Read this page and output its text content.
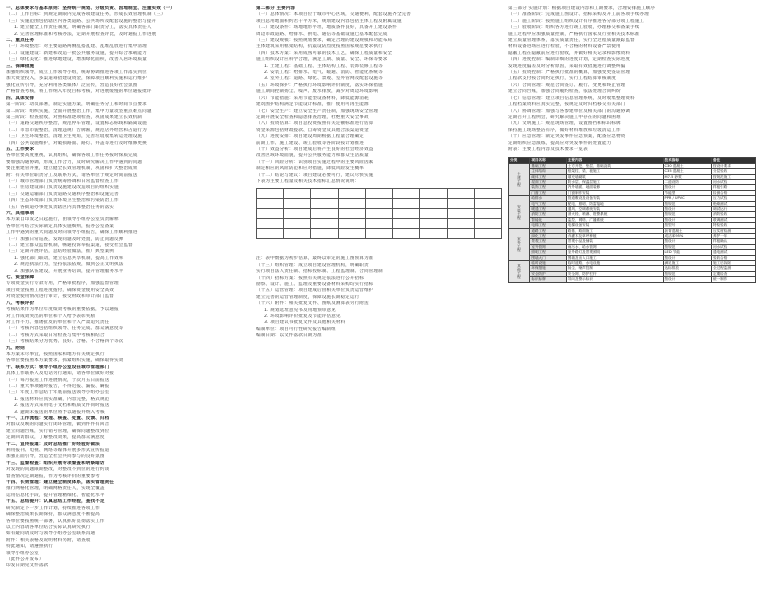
一、总体要求与基本原则：坚持统一规划、分级负责、因地制宜、注重实效（一）
（二）工作目标：到规定期限内完成各项建设任务，形成长效管理机制（三）
（三）实施范围包括辖区内各类道路、公共场所及配套设施的整治与提升
1. 建立健全工作责任制度，明确各部门职责分工，落实具体责任人
2. 完善管理标准和考核办法，定期开展检查评比，及时通报工作进展
二、重点任务
（一）环境整治：对主要道路两侧乱搭乱建、乱堆乱放进行集中清理
（二）设施建设：新建和改造一批公共服务设施，提升综合承载能力
（三）绿化美化：推进绿地建设，增加绿化面积，改善人居环境质量
三、保障措施
加强组织领导，成立工作领导小组，统筹协调推进各项工作落实到位
加大资金投入，多渠道筹措建设资金，保障项目顺利实施和运行维护
强化宣传引导，充分利用各类媒体广泛宣传，营造良好社会氛围
严格督查考核，将工作纳入年度目标考核，对进展缓慢的单位通报批评
四、具体安排
第一阶段：动员部署，制定实施方案，明确任务分工和时间节点要求
第二阶段：组织实施，全面开展整治工作，集中力量攻坚重点难点问题
第三阶段：检查验收，对照标准逐项检查，巩固成果建立长效机制
（一）道路交通秩序整治，规范停车管理，设置标志标线和隔离设施
（二）市容市貌整治，清理违规广告牌匾，规范店外经营和占道行为
（三）卫生环境整治，清理卫生死角，完善垃圾收集转运处理设施
（四）公共设施维护，对破损路面、路灯、井盖等进行及时维修更换
五、工作要求
各单位要高度重视，认真组织，确保各项工作任务按时保质完成
要加强沟通协调，形成工作合力，及时研究解决工作中遇到的问题
要注重建管并重，建立健全长效管理机制，巩固和扩大整治成果
附：有关单位职责分工及联系方式，请各单位于规定时间前报送
（一）城市管理部门负责统筹协调和日常监督检查工作
（二）住房建设部门负责设施建设改造项目的组织实施
（三）交通运输部门负责道路交通秩序整治和设施完善
（四）生态环境部门负责环境卫生整治和污染防治工作
（五）各街道办事处负责辖区内具体整治任务的落实
六、其他事项
本方案自印发之日起施行，由领导小组办公室负责解释
各单位可结合实际制定具体实施细则，报办公室备案
工作中遇到的重大问题及时向领导小组报告，确保工作顺利推进
（一）加强日常巡查，发现问题及时处置，防止问题反弹
（二）建立群众监督机制，畅通投诉举报渠道，接受社会监督
（三）定期开展评估，总结经验做法，推广典型案例
1. 强化部门联动，建立信息共享机制，提高工作效率
2. 规范执法行为，坚持依法依规，做到公正文明执法
3. 加强队伍建设，开展业务培训，提升管理服务水平
七、资金保障
专项资金实行专款专用，严格审批程序，加强监督管理
项目资金按照工程进度拨付，确保资金使用安全高效
对资金使用情况进行审计，接受财政和审计部门监督
八、考核评价
考核结果作为单位年度绩效考核的重要依据，予以通报
对工作成效突出的单位和个人给予表彰奖励
对工作不力、推诿扯皮的单位和个人严肃追究责任
（一）考核内容包括组织领导、任务完成、群众满意度等
（二）考核方式采取日常检查与集中考核相结合
（三）考核结果分为优秀、良好、合格、不合格四个等次
九、附则
本方案未尽事宜，按照国家和地方有关规定执行
各单位要按照本方案要求，抓紧组织实施，确保取得实效
十、联系方式：领导小组办公室设在城市管理部门
具体工作联系人及电话另行通知，请各单位做好对接
（一）每月报送工作进展情况，于次月五日前报送
（二）重大事项随时报告，不得迟报、漏报、瞒报
（三）年度工作总结于年底前报送领导小组办公室
1. 报送材料应真实准确，内容完整，格式规范
2. 报送方式采用电子文档和纸质文件同时报送
3. 逾期未报送的单位将予以通报并纳入考核
十一、工作流程：受理、核查、处置、反馈、归档
对群众反映的问题实行闭环管理，做到件件有回音
建立问题台账，实行销号管理，确保问题整改到位
定期回访群众，了解整改效果，提高群众满意度
十二、宣传报道：及时总结推广好经验好做法
利用报刊、电视、网络等媒体开展多形式宣传报道
加强正面引导，营造全社会共同参与的良好氛围
十三、监督检查：组织开展专项督查和明察暗访
对发现的问题限期整改，对整改不到位的进行约谈
督查情况定期通报，作为考核评价的重要参考
十四、长效管理：建立健全制度体系，落实管理责任
推行网格化管理，明确网格责任人，实现全覆盖
运用信息化手段，提升管理精细化、智能化水平
十五、总结提升：认真总结工作经验，查找不足
研究制定下一步工作计划，持续推进各项工作
确保整治成果长期保持，群众满意度不断提高
各单位要按照统一部署，认真抓好贯彻落实工作
以上内容请各单位结合实际认真研究执行
如有疑问请及时与领导小组办公室联系沟通
附件：相关表格及说明材料另附，请查收
特此通知，请遵照执行
领导小组办公室
（此件公开发布）
印发日期见文件落款
第二部分 主要内容
（一）总体情况：本项目位于城市中心区域，交通便利，配套设施齐全完善
项目总用地面积约若干平方米，规划建设内容包括主体工程及附属设施
（二）建设条件：场地地形平坦，地质条件良好，具备开工建设条件
周边市政道路、给排水、供电、通信等基础设施已基本配套完成
（三）建设规模：按照规划要求，确定合理的建设规模和功能布局
主体建筑采用框架结构，抗震设防烈度按照国家规范要求执行
（四）技术方案：采用成熟可靠的技术工艺，确保工程质量和安全
施工组织设计应科学合理，满足工期、质量、安全、环保等要求
1. 土建工程：基础工程、主体结构工程、装饰装修工程等
2. 安装工程：给排水、电气、暖通、消防、智能化系统等
3. 室外工程：道路、绿化、景观、室外管网及配套设施等
（五）环境保护：严格执行环境影响评价制度，落实环保措施
施工期间控制扬尘、噪声、废水排放，减少对周边环境影响
（六）节能措施：采用节能型设备材料，降低能源消耗
建筑围护结构满足节能设计标准，推广使用可再生能源
（七）安全生产：建立安全生产责任制，加强现场安全管理
定期开展安全检查和隐患排查治理，杜绝重大安全事故
（八）投资估算：项目总投资按照有关定额标准进行估算
资金来源包括财政拨款、自筹资金及其他合法渠道资金
（九）进度安排：项目建设周期根据工程量合理确定
前期工作、施工建设、竣工验收等各阶段按计划推进
（十）效益分析：项目建成后将产生良好的社会经济效益
改善区域环境面貌，提升公共服务能力和群众生活质量
（十一）风险分析：识别项目实施过程中的主要风险因素
制定相应的风险防范和应对措施，降低风险发生概率
（十二）结论与建议：项目建设必要可行，建议尽快实施
下表为主要工程量及相关技术指标汇总情况说明：

注：表中数据为初步估算，最终以审定的施工图预算为准
（十三）组织管理：成立项目建设管理机构，明确职责
实行项目法人责任制、招标投标制、工程监理制、合同管理制
（十四）招标方案：按照有关规定依法进行公开招标
勘察、设计、施工、监理及重要设备材料采购均实行招标
（十五）运营管理：项目建成后由相关单位负责运营维护
建立完善的运营管理制度，保障设施长期稳定运行
（十六）附件：相关批复文件、图纸及测算表另行附送
1. 规划选址意见书及用地预审意见
2. 环境影响评价批复及节能评估意见
3. 项目建议书批复文件及其他相关材料
编制单位：项目可行性研究报告编制组
编制日期：以文件落款日期为准
第三部分 实施计划：根据项目建设内容和工期要求，合理安排施工顺序
（一）准备阶段：完成施工图设计、招标采购及开工前各项手续办理
（二）施工阶段：按照施工组织设计有序推进各分部分项工程施工
（三）验收阶段：组织各方进行竣工验收，办理移交和备案手续
施工过程中应加强质量控制，严格执行国家及行业相关技术标准
建立质量管理体系，落实质量责任，实行全过程质量跟踪监督
材料设备进场应进行检验，不合格的材料设备严禁使用
隐蔽工程在隐蔽前应进行验收，并做好相关记录和影像资料
（四）进度控制：编制详细的进度计划，定期检查实际进度
发现进度偏差及时分析原因，采取有效措施进行调整纠偏
（五）投资控制：严格执行批准的概算，加强变更签证管理
工程款支付按合同约定执行，实行工程结算审核制度
（六）合同管理：规范合同签订、履行、变更和终止管理
建立合同台账，加强合同履约检查，依法处理合同纠纷
（七）信息管理：建立项目信息管理系统，及时收集整理资料
工程档案资料应真实完整，按规定及时归档移交有关部门
（八）协调管理：加强与各参建单位及相关部门的沟通协调
定期召开工程例会，研究解决施工中存在的问题和困难
（九）文明施工：规范现场管理，设置围挡和标识标牌
保持施工现场整洁有序，做好材料堆放和垃圾清运工作
（十）应急管理：制定突发事件应急预案，配备应急物资
定期组织应急演练，提高应对突发事件的处置能力
附表：主要工程内容及技术要求一览表
分类	项目名称	主要内容	技术指标	备注
土建工程	基础工程	土方开挖、垫层、基础浇筑	C30 混凝土	按设计要求
	主体结构	框架柱、梁、板施工	C35 混凝土	分层验收
	砌体工程	填充墙砌筑	M7.5 砂浆	按规范施工
	屋面工程	防水层、保温层施工	二道设防	闭水试验
	装饰工程	内外墙面、地面装修	按设计	样板引路
	门窗工程	门窗制作安装	节能型	检测合格
安装工程	给排水	管道敷设及设备安装	PPR / UPVC	压力试验
	电气工程	配电、照明、防雷接地	按规范	绝缘测试
	暖通工程	通风、空调系统安装	按设计	调试运行
	消防工程	消火栓、喷淋、报警系统	按规范	消防验收
	智能化	监控、网络、广播系统	按设计	联调测试
	电梯工程	电梯设备安装	按型号	特检验收
室外工程	道路工程	路基、路面施工	沥青混凝土	压实度检测
	绿化工程	乔灌木及草坪种植	成活率95%	养护一年
	景观工程	景观小品及铺装	按设计	样板确认
	室外管网	雨污水、给水管网	按规范	闭水试验
	照明工程	室外路灯及景观照明	LED 节能	通电测试
	围墙大门	围墙及出入口施工	按设计	验收合格
其他工程	临时设施	临时道路、水电设施	满足施工	施工后拆除
	环保措施	扬尘、噪声控制	达标排放	全过程监测
	安全防护	安全网、防护栏杆	按规范	定期检查
	标识标牌	导向及警示标识	按设计	统一制作
